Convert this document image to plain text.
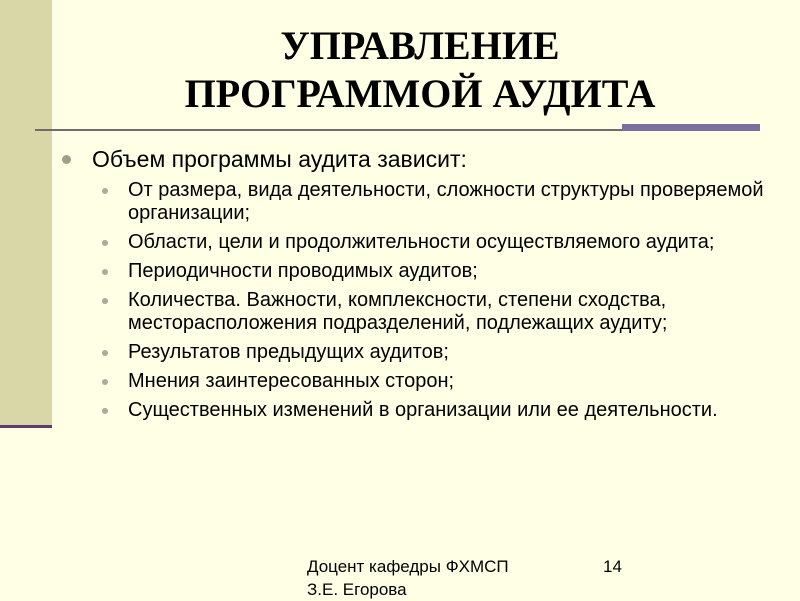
УПРАВЛЕНИЕ
ПРОГРАММОЙ АУДИТА
Объем программы аудита зависит:
От размера, вида деятельности, сложности структуры проверяемой организации;
Области, цели и продолжительности осуществляемого аудита;
Периодичности проводимых аудитов;
Количества. Важности, комплексности, степени сходства, месторасположения подразделений, подлежащих аудиту;
Результатов предыдущих аудитов;
Мнения заинтересованных сторон;
Существенных изменений в организации или ее деятельности.
Доцент кафедры ФХМСП
З.Е. Егорова
14
